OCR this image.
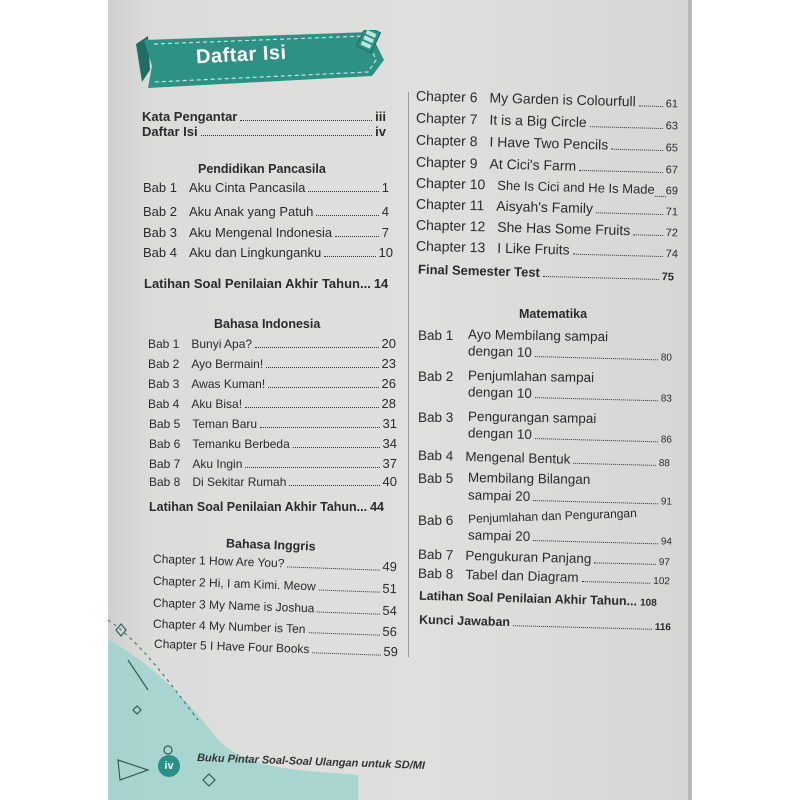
Daftar Isi
Kata Pengantar	iii
Daftar Isi	iv
Pendidikan Pancasila
Bab 1 Aku Cinta Pancasila	1
Bab 2 Aku Anak yang Patuh	4
Bab 3 Aku Mengenal Indonesia	7
Bab 4 Aku dan Lingkunganku	10
Latihan Soal Penilaian Akhir Tahun... 14
Bahasa Indonesia
Bab 1 Bunyi Apa?	20
Bab 2 Ayo Bermain!	23
Bab 3 Awas Kuman!	26
Bab 4 Aku Bisa!	28
Bab 5 Teman Baru	31
Bab 6 Temanku Berbeda	34
Bab 7 Aku Ingin	37
Bab 8 Di Sekitar Rumah	40
Latihan Soal Penilaian Akhir Tahun... 44
Bahasa Inggris
Chapter 1 How Are You?	49
Chapter 2 Hi, I am Kimi. Meow	51
Chapter 3 My Name is Joshua	54
Chapter 4 My Number is Ten	56
Chapter 5 I Have Four Books	59
Chapter 6 My Garden is Colourfull	61
Chapter 7 It is a Big Circle	63
Chapter 8 I Have Two Pencils	65
Chapter 9 At Cici's Farm	67
Chapter 10 She Is Cici and He Is Made 69
Chapter 11 Aisyah's Family	71
Chapter 12 She Has Some Fruits	72
Chapter 13 I Like Fruits	74
Final Semester Test	75
Matematika
Bab 1 Ayo Membilang sampai
dengan 10	80
Bab 2 Penjumlahan sampai
dengan 10	83
Bab 3 Pengurangan sampai
dengan 10	86
Bab 4 Mengenal Bentuk	88
Bab 5 Membilang Bilangan
sampai 20	91
Bab 6 Penjumlahan dan Pengurangan
sampai 20	94
Bab 7 Pengukuran Panjang	97
Bab 8 Tabel dan Diagram	102
Latihan Soal Penilaian Akhir Tahun... 108
Kunci Jawaban	116
iv	Buku Pintar Soal-Soal Ulangan untuk SD/MI
